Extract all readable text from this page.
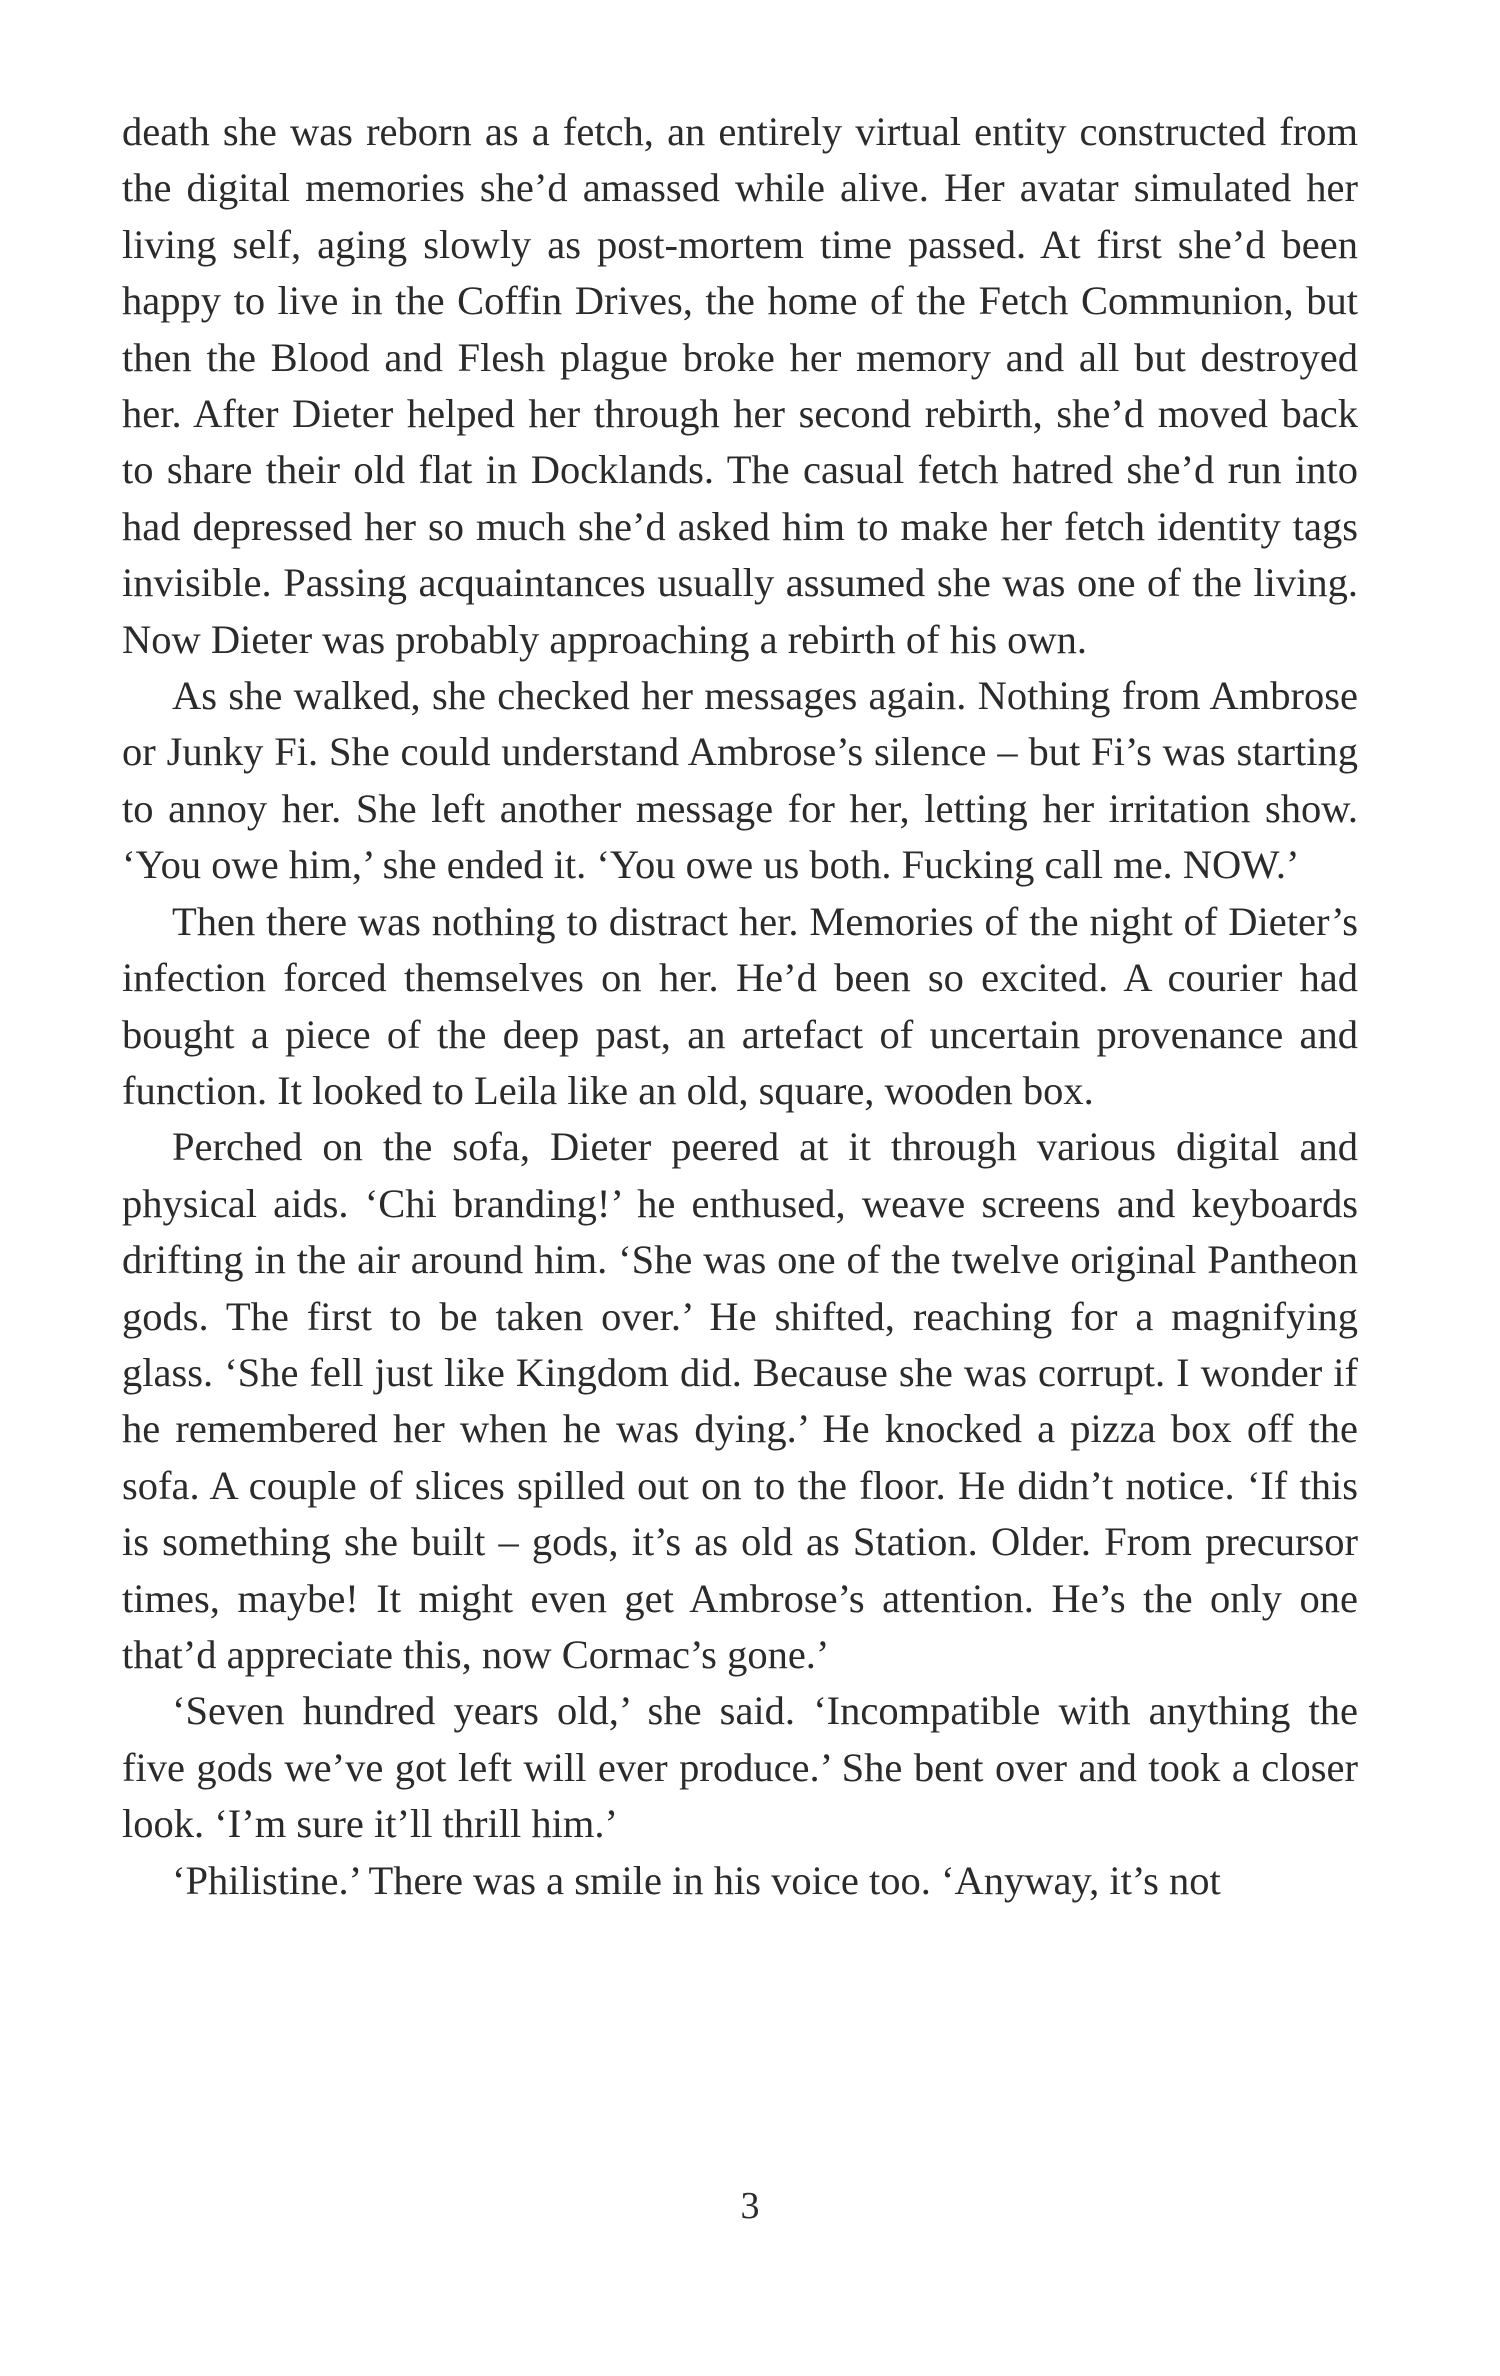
death she was reborn as a fetch, an entirely virtual entity constructed from the digital memories she’d amassed while alive. Her avatar simulated her living self, aging slowly as post-mortem time passed. At first she’d been happy to live in the Coffin Drives, the home of the Fetch Communion, but then the Blood and Flesh plague broke her memory and all but destroyed her. After Dieter helped her through her second rebirth, she’d moved back to share their old flat in Docklands. The casual fetch hatred she’d run into had depressed her so much she’d asked him to make her fetch identity tags invisible. Passing acquaintances usually assumed she was one of the living. Now Dieter was probably approaching a rebirth of his own.

As she walked, she checked her messages again. Nothing from Ambrose or Junky Fi. She could understand Ambrose’s silence – but Fi’s was starting to annoy her. She left another message for her, letting her irritation show. ‘You owe him,’ she ended it. ‘You owe us both. Fucking call me. NOW.’

Then there was nothing to distract her. Memories of the night of Dieter’s infection forced themselves on her. He’d been so excited. A courier had bought a piece of the deep past, an artefact of uncertain provenance and function. It looked to Leila like an old, square, wooden box.

Perched on the sofa, Dieter peered at it through various digital and physical aids. ‘Chi branding!’ he enthused, weave screens and keyboards drifting in the air around him. ‘She was one of the twelve original Pantheon gods. The first to be taken over.’ He shifted, reaching for a magnifying glass. ‘She fell just like Kingdom did. Because she was corrupt. I wonder if he remembered her when he was dying.’ He knocked a pizza box off the sofa. A couple of slices spilled out on to the floor. He didn’t notice. ‘If this is something she built – gods, it’s as old as Station. Older. From precursor times, maybe! It might even get Ambrose’s attention. He’s the only one that’d appreciate this, now Cormac’s gone.’

‘Seven hundred years old,’ she said. ‘Incompatible with anything the five gods we’ve got left will ever produce.’ She bent over and took a closer look. ‘I’m sure it’ll thrill him.’

‘Philistine.’ There was a smile in his voice too. ‘Anyway, it’s not

3
